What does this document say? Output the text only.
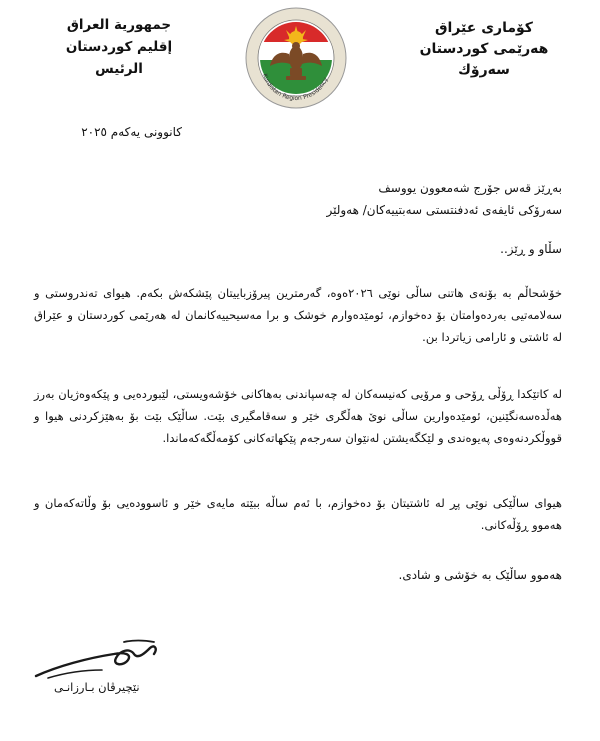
جمهورية العراق
إقليم كوردستان
الرئيس	Kurdistan Region Presidency
كۆماری عێراق
هەرێمی کوردستان
سەرۆك
کانوونی یەکەم ٢٠٢٥
بەڕێز قەس جۆرج شەمعوون یووسف
سەرۆکی ئایفەی ئەدفنتستی سەبتییەکان/ هەولێر
سڵاو و ڕێز..
خۆشحاڵم بە بۆنەی هاتنی ساڵی نوێی ٢٠٢٦ەوە، گەرمترین پیرۆزباییتان پێشکەش بکەم. هیوای تەندروستی و سەلامەتیی بەردەوامتان بۆ دەخوازم، ئومێدەوارم خوشک و برا مەسیحییەکانمان لە هەرێمی کوردستان و عێراق لە ئاشتی و ئارامی زیاتردا بن.
لە کاتێکدا ڕۆڵی ڕۆحی و مرۆیی کەنیسەکان لە چەسپاندنی بەهاکانی خۆشەویستی، لێبوردەیی و پێکەوەژیان بەرز هەڵدەسەنگێنین، ئومێدەوارین ساڵی نوێ هەڵگری خێر و سەقامگیری بێت. ساڵێک بێت بۆ بەهێزکردنی هیوا و قووڵکردنەوەی پەیوەندی و لێکگەیشتن لەنێوان سەرجەم پێکهاتەکانی کۆمەڵگەکەماندا.
هیوای ساڵێکی نوێی پڕ لە ئاشتیتان بۆ دەخوازم، با ئەم ساڵە ببێتە مایەی خێر و ئاسوودەیی بۆ وڵاتەکەمان و هەموو ڕۆڵەکانی.
هەموو ساڵێک بە خۆشی و شادی.
نێچیرڤان بـارزانـی
